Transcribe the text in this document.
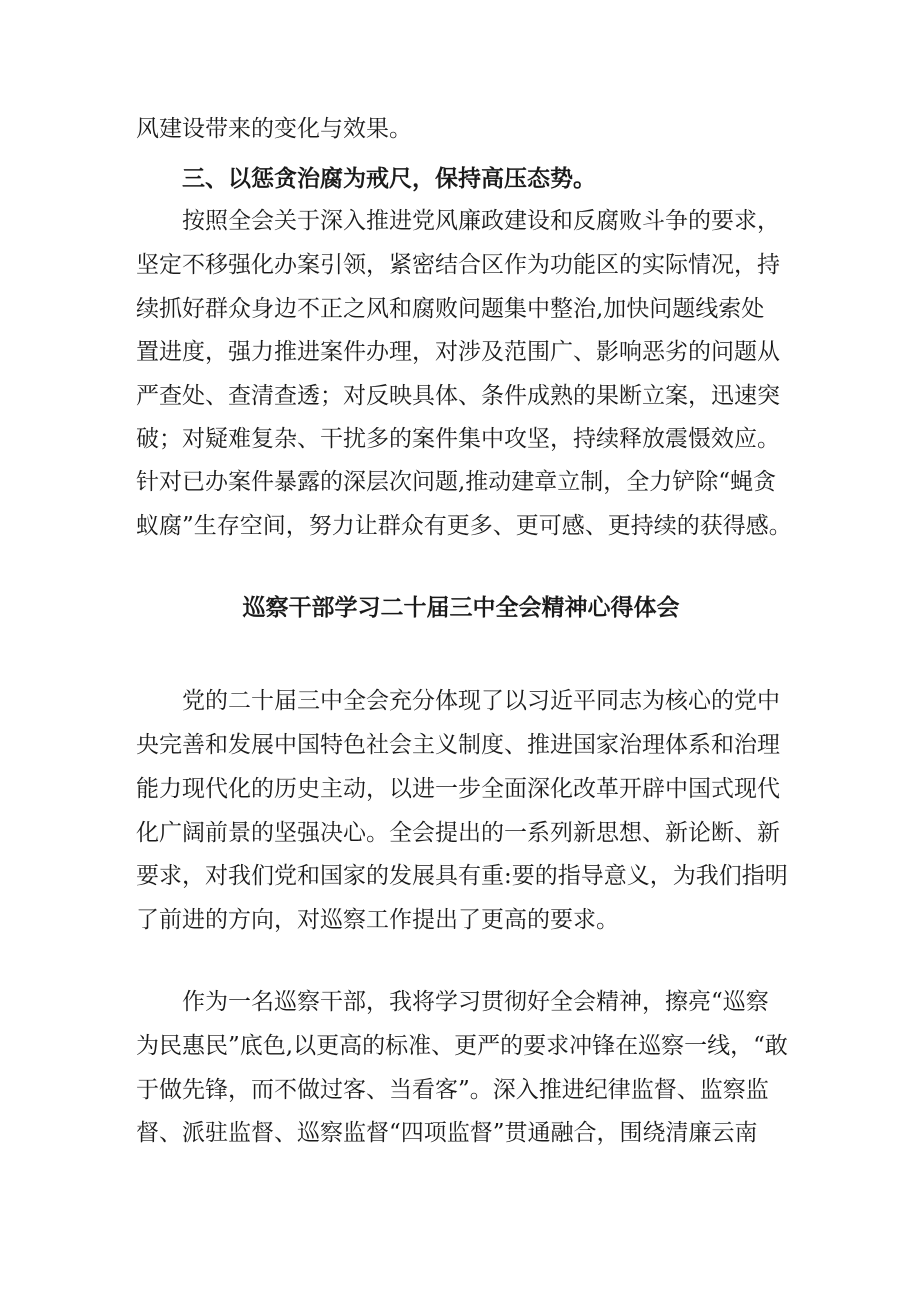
风建设带来的变化与效果。

三、以惩贪治腐为戒尺，保持高压态势。

按照全会关于深入推进党风廉政建设和反腐败斗争的要求，

坚定不移强化办案引领，紧密结合区作为功能区的实际情况，持

续抓好群众身边不正之风和腐败问题集中整治,加快问题线索处

置进度，强力推进案件办理，对涉及范围广、影响恶劣的问题从

严查处、查清查透；对反映具体、条件成熟的果断立案，迅速突

破；对疑难复杂、干扰多的案件集中攻坚，持续释放震慑效应。

针对已办案件暴露的深层次问题,推动建章立制，全力铲除“蝇贪

蚁腐”生存空间，努力让群众有更多、更可感、更持续的获得感。

巡察干部学习二十届三中全会精神心得体会

党的二十届三中全会充分体现了以习近平同志为核心的党中

央完善和发展中国特色社会主义制度、推进国家治理体系和治理

能力现代化的历史主动，以进一步全面深化改革开辟中国式现代

化广阔前景的坚强决心。全会提出的一系列新思想、新论断、新

要求，对我们党和国家的发展具有重:要的指导意义，为我们指明

了前进的方向，对巡察工作提出了更高的要求。

作为一名巡察干部，我将学习贯彻好全会精神，擦亮“巡察

为民惠民”底色,以更高的标准、更严的要求冲锋在巡察一线，“敢

于做先锋，而不做过客、当看客”。深入推进纪律监督、监察监

督、派驻监督、巡察监督“四项监督”贯通融合，围绕清廉云南
